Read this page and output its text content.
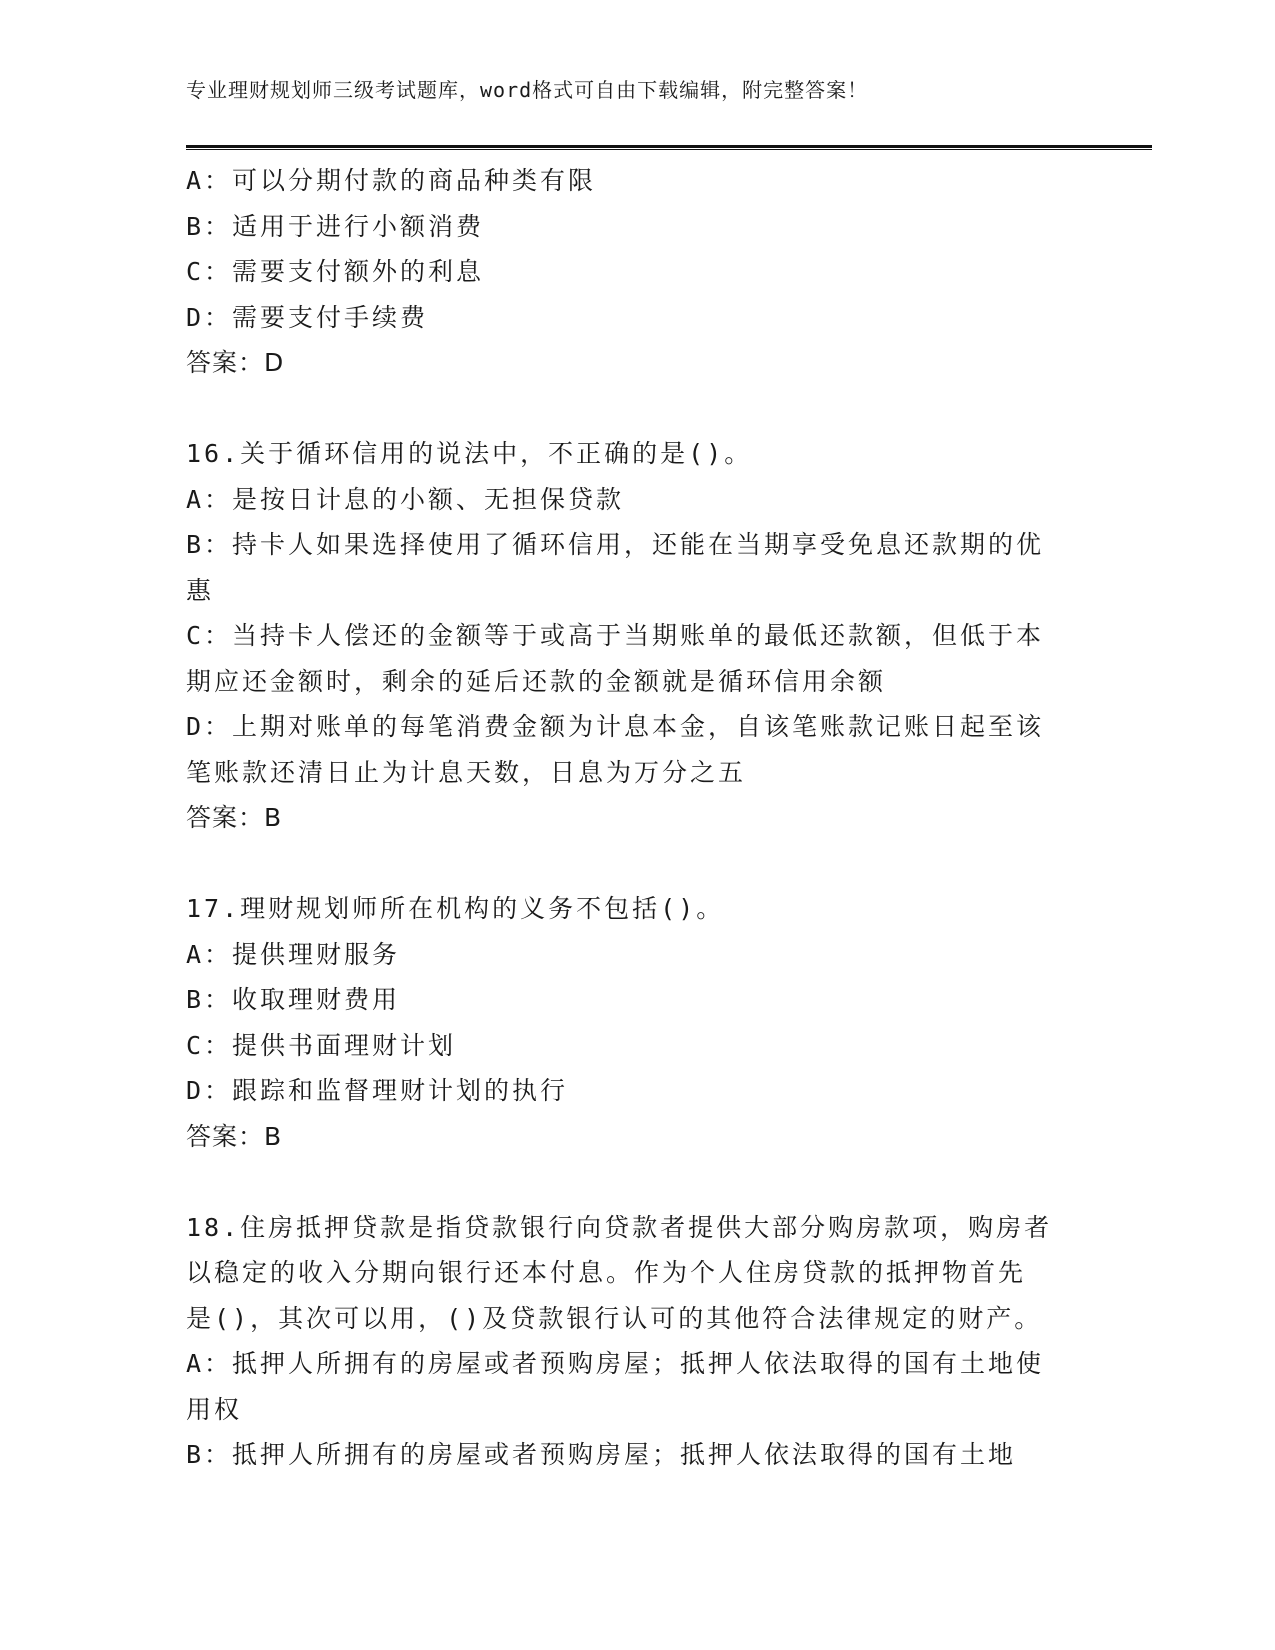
专业理财规划师三级考试题库，word格式可自由下载编辑，附完整答案！
A：可以分期付款的商品种类有限
B：适用于进行小额消费
C：需要支付额外的利息
D：需要支付手续费
答案：D
16.关于循环信用的说法中，不正确的是()。
A：是按日计息的小额、无担保贷款
B：持卡人如果选择使用了循环信用，还能在当期享受免息还款期的优
惠
C：当持卡人偿还的金额等于或高于当期账单的最低还款额，但低于本
期应还金额时，剩余的延后还款的金额就是循环信用余额
D：上期对账单的每笔消费金额为计息本金，自该笔账款记账日起至该
笔账款还清日止为计息天数，日息为万分之五
答案：B
17.理财规划师所在机构的义务不包括()。
A：提供理财服务
B：收取理财费用
C：提供书面理财计划
D：跟踪和监督理财计划的执行
答案：B
18.住房抵押贷款是指贷款银行向贷款者提供大部分购房款项，购房者
以稳定的收入分期向银行还本付息。作为个人住房贷款的抵押物首先
是()，其次可以用，()及贷款银行认可的其他符合法律规定的财产。
A：抵押人所拥有的房屋或者预购房屋；抵押人依法取得的国有土地使
用权
B：抵押人所拥有的房屋或者预购房屋；抵押人依法取得的国有土地
